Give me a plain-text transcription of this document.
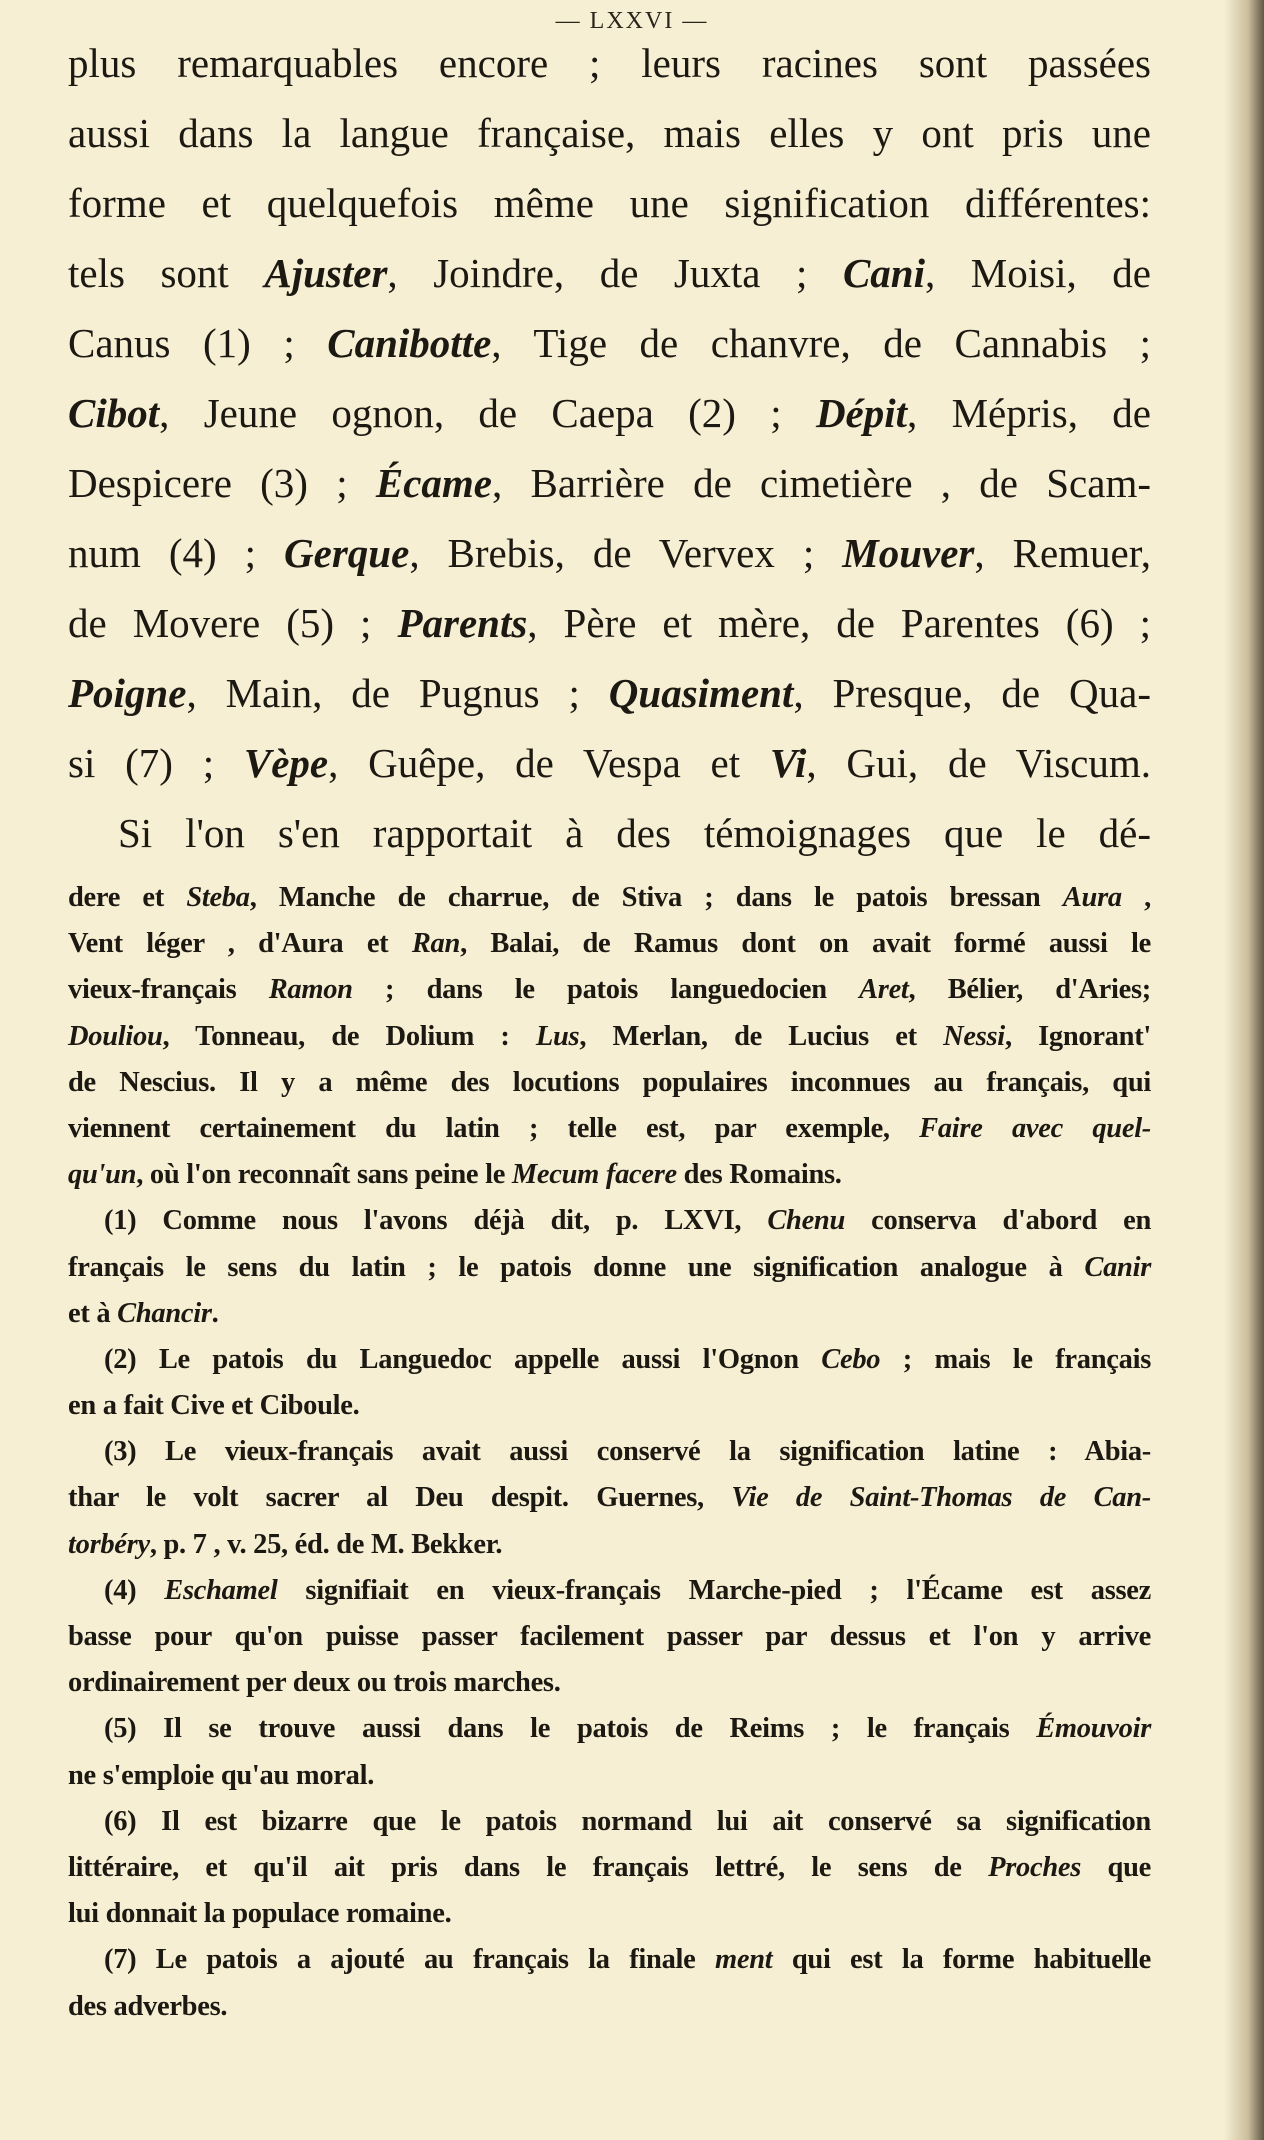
— LXXVI —
plus remarquables encore ; leurs racines sont passées
aussi dans la langue française, mais elles y ont pris une
forme et quelquefois même une signification différentes:
tels sont Ajuster, Joindre, de Juxta ; Cani, Moisi, de
Canus (1) ; Canibotte, Tige de chanvre, de Cannabis ;
Cibot, Jeune ognon, de Caepa (2) ; Dépit, Mépris, de
Despicere (3) ; Écame, Barrière de cimetière , de Scam-
num (4) ; Gerque, Brebis, de Vervex ; Mouver, Remuer,
de Movere (5) ; Parents, Père et mère, de Parentes (6) ;
Poigne, Main, de Pugnus ; Quasiment, Presque, de Qua-
si (7) ; Vèpe, Guêpe, de Vespa et Vi, Gui, de Viscum.
Si l'on s'en rapportait à des témoignages que le dé-
dere et Steba, Manche de charrue, de Stiva ; dans le patois bressan Aura ,
Vent léger , d'Aura et Ran, Balai, de Ramus dont on avait formé aussi le
vieux-français Ramon ; dans le patois languedocien Aret, Bélier, d'Aries;
Douliou, Tonneau, de Dolium : Lus, Merlan, de Lucius et Nessi, Ignorant'
de Nescius. Il y a même des locutions populaires inconnues au français, qui
viennent certainement du latin ; telle est, par exemple, Faire avec quel-
qu'un, où l'on reconnaît sans peine le Mecum facere des Romains.
(1) Comme nous l'avons déjà dit, p. LXVI, Chenu conserva d'abord en
français le sens du latin ; le patois donne une signification analogue à Canir
et à Chancir.
(2) Le patois du Languedoc appelle aussi l'Ognon Cebo ; mais le français
en a fait Cive et Ciboule.
(3) Le vieux-français avait aussi conservé la signification latine : Abia-
thar le volt sacrer al Deu despit. Guernes, Vie de Saint-Thomas de Can-
torbéry, p. 7 , v. 25, éd. de M. Bekker.
(4) Eschamel signifiait en vieux-français Marche-pied ; l'Écame est assez
basse pour qu'on puisse passer facilement passer par dessus et l'on y arrive
ordinairement per deux ou trois marches.
(5) Il se trouve aussi dans le patois de Reims ; le français Émouvoir
ne s'emploie qu'au moral.
(6) Il est bizarre que le patois normand lui ait conservé sa signification
littéraire, et qu'il ait pris dans le français lettré, le sens de Proches que
lui donnait la populace romaine.
(7) Le patois a ajouté au français la finale ment qui est la forme habituelle
des adverbes.
